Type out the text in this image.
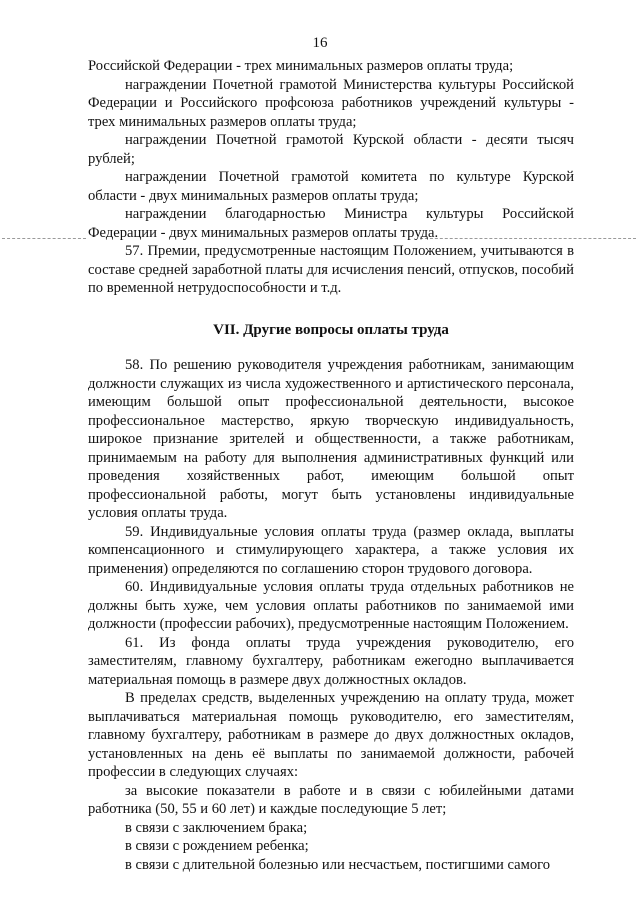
16

Российской Федерации - трех минимальных размеров оплаты труда;

награждении Почетной грамотой Министерства культуры Российской Федерации и Российского профсоюза работников учреждений культуры - трех минимальных размеров оплаты труда;

награждении Почетной грамотой Курской области - десяти тысяч рублей;

награждении Почетной грамотой комитета по культуре Курской области - двух минимальных размеров оплаты труда;

награждении благодарностью Министра культуры Российской Федерации - двух минимальных размеров оплаты труда.

57. Премии, предусмотренные настоящим Положением, учитываются в составе средней заработной платы для исчисления пенсий, отпусков, пособий по временной нетрудоспособности и т.д.

VII. Другие вопросы оплаты труда

58. По решению руководителя учреждения работникам, занимающим должности служащих из числа художественного и артистического персонала, имеющим большой опыт профессиональной деятельности, высокое профессиональное мастерство, яркую творческую индивидуальность, широкое признание зрителей и общественности, а также работникам, принимаемым на работу для выполнения административных функций или проведения хозяйственных работ, имеющим большой опыт профессиональной работы, могут быть установлены индивидуальные условия оплаты труда.

59. Индивидуальные условия оплаты труда (размер оклада, выплаты компенсационного и стимулирующего характера, а также условия их применения) определяются по соглашению сторон трудового договора.

60. Индивидуальные условия оплаты труда отдельных работников не должны быть хуже, чем условия оплаты работников по занимаемой ими должности (профессии рабочих), предусмотренные настоящим Положением.

61. Из фонда оплаты труда учреждения руководителю, его заместителям, главному бухгалтеру, работникам ежегодно выплачивается материальная помощь в размере двух должностных окладов.

В пределах средств, выделенных учреждению на оплату труда, может выплачиваться материальная помощь руководителю, его заместителям, главному бухгалтеру, работникам в размере до двух должностных окладов, установленных на день её выплаты по занимаемой должности, рабочей профессии в следующих случаях:

за высокие показатели в работе и в связи с юбилейными датами работника (50, 55 и 60 лет) и каждые последующие 5 лет;

в связи с заключением брака;

в связи с рождением ребенка;

в связи с длительной болезнью или несчастьем, постигшими самого
